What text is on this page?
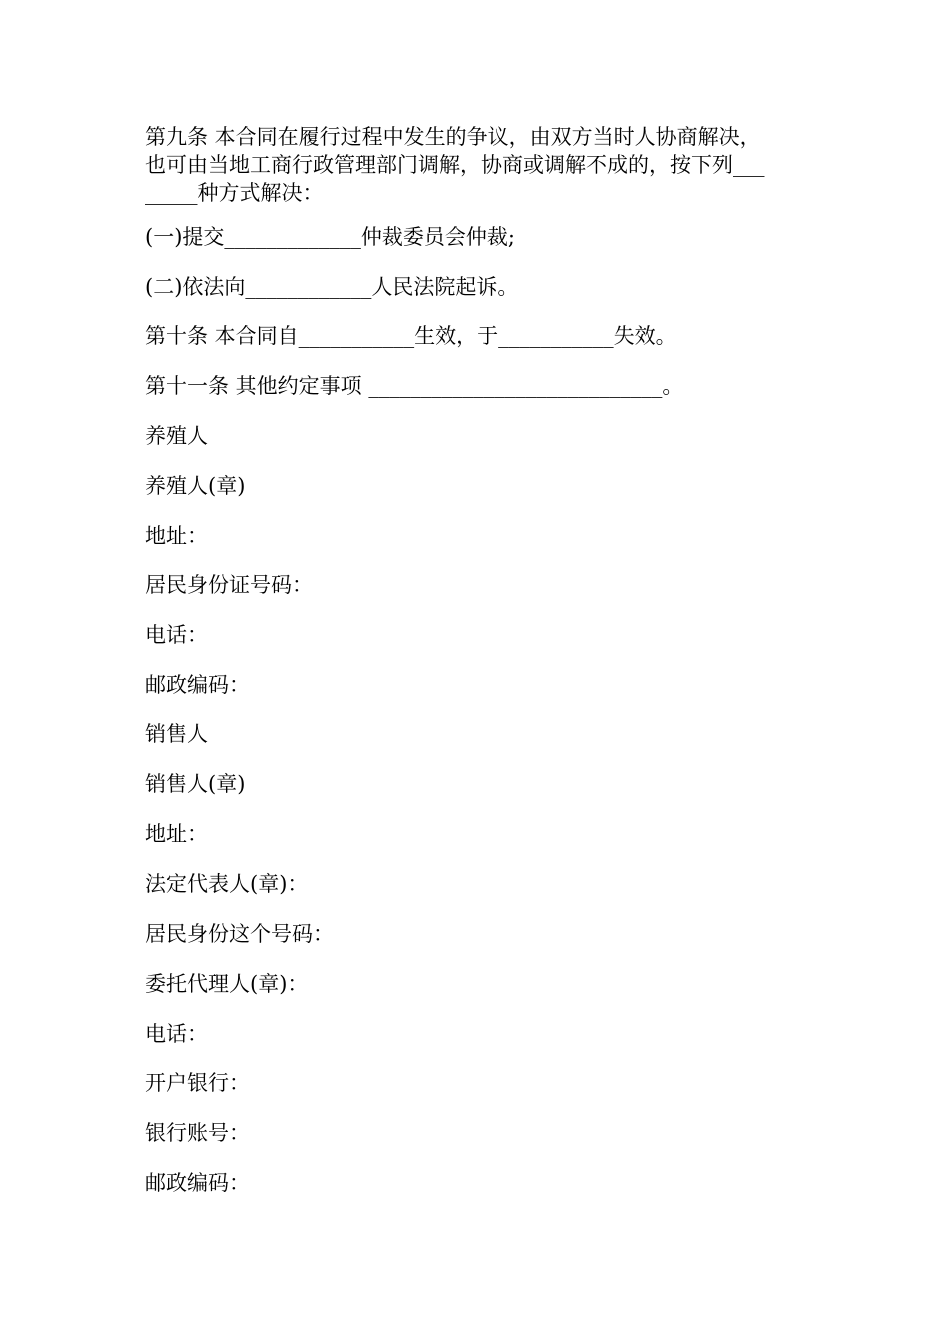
第九条 本合同在履行过程中发生的争议，由双方当时人协商解决，
也可由当地工商行政管理部门调解，协商或调解不成的，按下列___
_____种方式解决：

(一)提交_____________仲裁委员会仲裁;

(二)依法向____________人民法院起诉。

第十条 本合同自___________生效，于___________失效。

第十一条 其他约定事项 ____________________________。

养殖人

养殖人(章)

地址：

居民身份证号码：

电话：

邮政编码：

销售人

销售人(章)

地址：

法定代表人(章)：

居民身份这个号码：

委托代理人(章)：

电话：

开户银行：

银行账号：

邮政编码：
